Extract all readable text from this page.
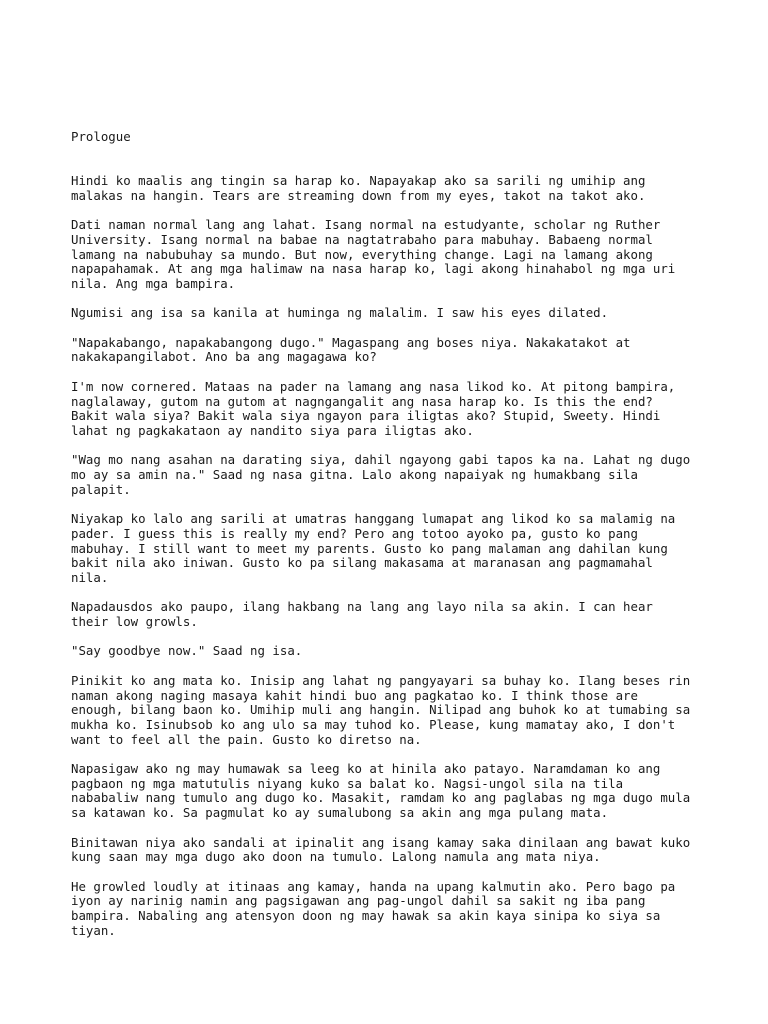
Prologue
Hindi ko maalis ang tingin sa harap ko. Napayakap ako sa sarili ng umihip ang
malakas na hangin. Tears are streaming down from my eyes, takot na takot ako.
Dati naman normal lang ang lahat. Isang normal na estudyante, scholar ng Ruther
University. Isang normal na babae na nagtatrabaho para mabuhay. Babaeng normal
lamang na nabubuhay sa mundo. But now, everything change. Lagi na lamang akong
napapahamak. At ang mga halimaw na nasa harap ko, lagi akong hinahabol ng mga uri
nila. Ang mga bampira.
Ngumisi ang isa sa kanila at huminga ng malalim. I saw his eyes dilated.
"Napakabango, napakabangong dugo." Magaspang ang boses niya. Nakakatakot at
nakakapangilabot. Ano ba ang magagawa ko?
I'm now cornered. Mataas na pader na lamang ang nasa likod ko. At pitong bampira,
naglalaway, gutom na gutom at nagngangalit ang nasa harap ko. Is this the end?
Bakit wala siya? Bakit wala siya ngayon para iligtas ako? Stupid, Sweety. Hindi
lahat ng pagkakataon ay nandito siya para iligtas ako.
"Wag mo nang asahan na darating siya, dahil ngayong gabi tapos ka na. Lahat ng dugo
mo ay sa amin na." Saad ng nasa gitna. Lalo akong napaiyak ng humakbang sila
palapit.
Niyakap ko lalo ang sarili at umatras hanggang lumapat ang likod ko sa malamig na
pader. I guess this is really my end? Pero ang totoo ayoko pa, gusto ko pang
mabuhay. I still want to meet my parents. Gusto ko pang malaman ang dahilan kung
bakit nila ako iniwan. Gusto ko pa silang makasama at maranasan ang pagmamahal
nila.
Napadausdos ako paupo, ilang hakbang na lang ang layo nila sa akin. I can hear
their low growls.
"Say goodbye now." Saad ng isa.
Pinikit ko ang mata ko. Inisip ang lahat ng pangyayari sa buhay ko. Ilang beses rin
naman akong naging masaya kahit hindi buo ang pagkatao ko. I think those are
enough, bilang baon ko. Umihip muli ang hangin. Nilipad ang buhok ko at tumabing sa
mukha ko. Isinubsob ko ang ulo sa may tuhod ko. Please, kung mamatay ako, I don't
want to feel all the pain. Gusto ko diretso na.
Napasigaw ako ng may humawak sa leeg ko at hinila ako patayo. Naramdaman ko ang
pagbaon ng mga matutulis niyang kuko sa balat ko. Nagsi-ungol sila na tila
nababaliw nang tumulo ang dugo ko. Masakit, ramdam ko ang paglabas ng mga dugo mula
sa katawan ko. Sa pagmulat ko ay sumalubong sa akin ang mga pulang mata.
Binitawan niya ako sandali at ipinalit ang isang kamay saka dinilaan ang bawat kuko
kung saan may mga dugo ako doon na tumulo. Lalong namula ang mata niya.
He growled loudly at itinaas ang kamay, handa na upang kalmutin ako. Pero bago pa
iyon ay narinig namin ang pagsigawan ang pag-ungol dahil sa sakit ng iba pang
bampira. Nabaling ang atensyon doon ng may hawak sa akin kaya sinipa ko siya sa
tiyan.
